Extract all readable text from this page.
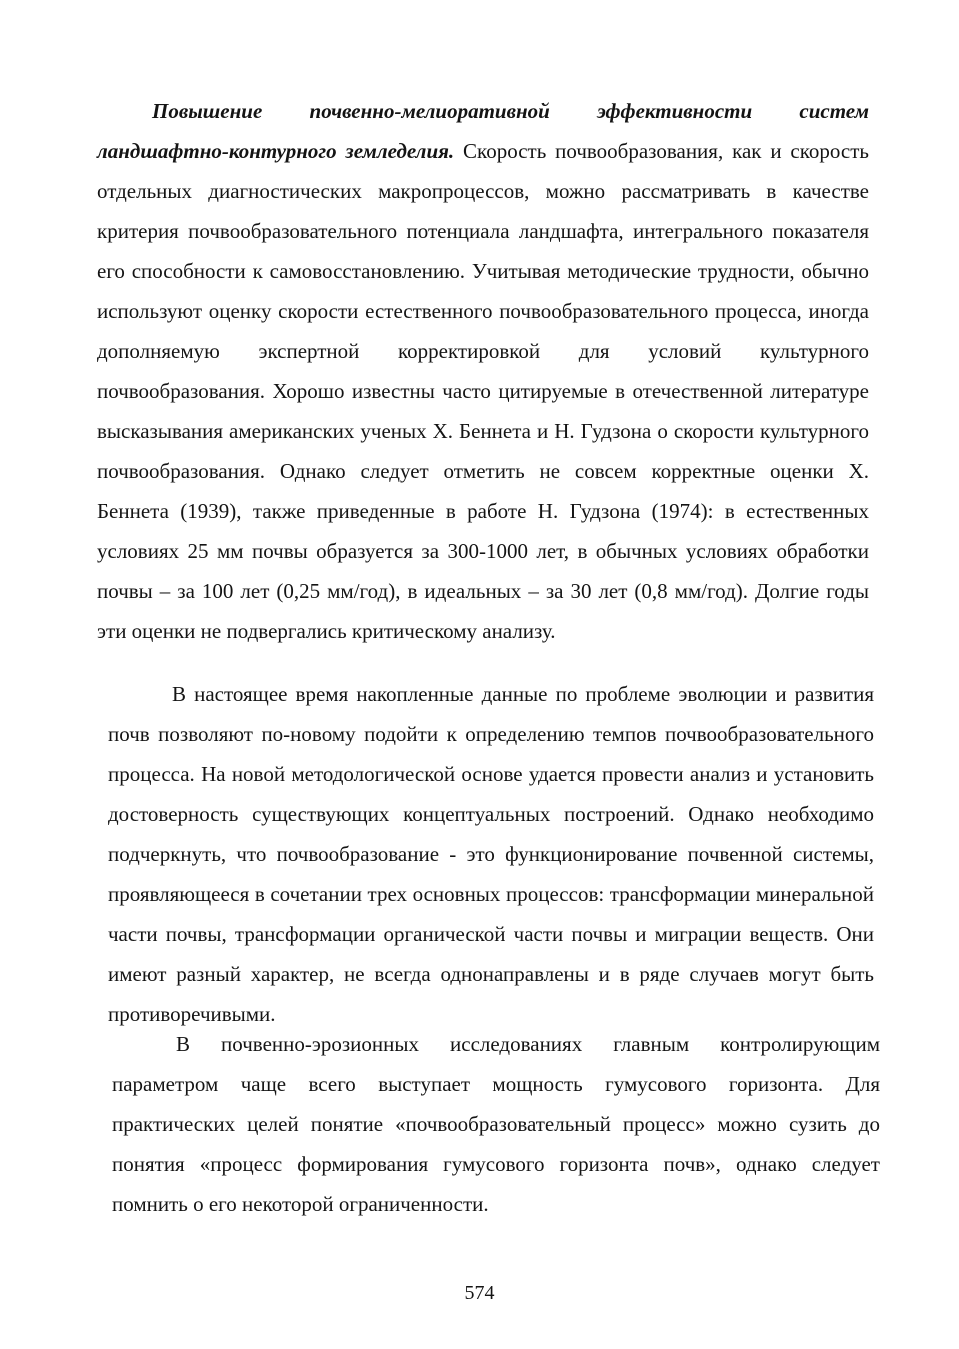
Повышение почвенно-мелиоративной эффективности систем ландшафтно-контурного земледелия. Скорость почвообразования, как и скорость отдельных диагностических макропроцессов, можно рассматривать в качестве критерия почвообразовательного потенциала ландшафта, интегрального показателя его способности к самовосстановлению. Учитывая методические трудности, обычно используют оценку скорости естественного почвообразовательного процесса, иногда дополняемую экспертной корректировкой для условий культурного почвообразования. Хорошо известны часто цитируемые в отечественной литературе высказывания американских ученых Х. Беннета и Н. Гудзона о скорости культурного почвообразования. Однако следует отметить не совсем корректные оценки Х. Беннета (1939), также приведенные в работе Н. Гудзона (1974): в естественных условиях 25 мм почвы образуется за 300-1000 лет, в обычных условиях обработки почвы – за 100 лет (0,25 мм/год), в идеальных – за 30 лет (0,8 мм/год). Долгие годы эти оценки не подвергались критическому анализу.

В настоящее время накопленные данные по проблеме эволюции и развития почв позволяют по-новому подойти к определению темпов почвообразовательного процесса. На новой методологической основе удается провести анализ и установить достоверность существующих концептуальных построений. Однако необходимо подчеркнуть, что почвообразование - это функционирование почвенной системы, проявляющееся в сочетании трех основных процессов: трансформации минеральной части почвы, трансформации органической части почвы и миграции веществ. Они имеют разный характер, не всегда однонаправлены и в ряде случаев могут быть противоречивыми.

В почвенно-эрозионных исследованиях главным контролирующим параметром чаще всего выступает мощность гумусового горизонта. Для практических целей понятие «почвообразовательный процесс» можно сузить до понятия «процесс формирования гумусового горизонта почв», однако следует помнить о его некоторой ограниченности.

574
